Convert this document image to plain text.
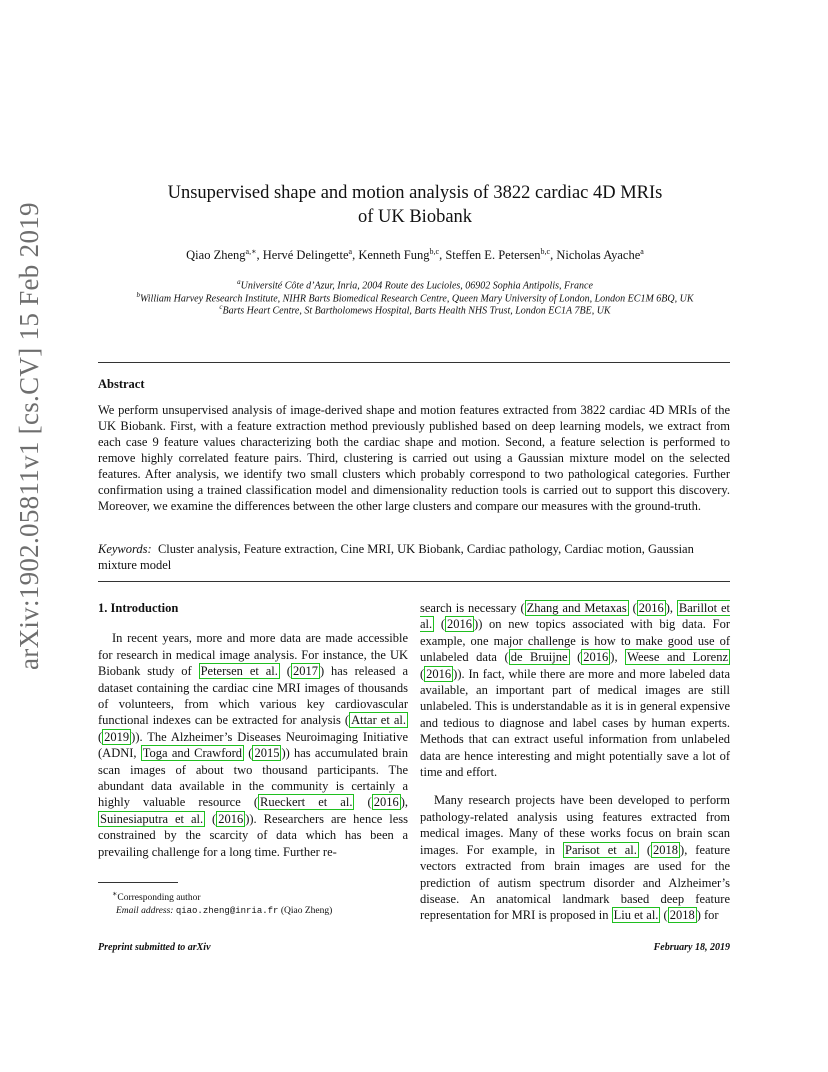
arXiv:1902.05811v1 [cs.CV] 15 Feb 2019
Unsupervised shape and motion analysis of 3822 cardiac 4D MRIs
of UK Biobank
Qiao Zheng$^{a,∗}$, Hervé Delingette$^a$, Kenneth Fung$^{b,c}$, Steffen E. Petersen$^{b,c}$, Nicholas Ayache$^a$
$^a$Université Côte d’Azur, Inria, 2004 Route des Lucioles, 06902 Sophia Antipolis, France
$^b$William Harvey Research Institute, NIHR Barts Biomedical Research Centre, Queen Mary University of London, London EC1M 6BQ, UK
$^c$Barts Heart Centre, St Bartholomews Hospital, Barts Health NHS Trust, London EC1A 7BE, UK
Abstract
We perform unsupervised analysis of image-derived shape and motion features extracted from 3822 cardiac 4D MRIs of the UK Biobank. First, with a feature extraction method previously published based on deep learning models, we extract from each case 9 feature values characterizing both the cardiac shape and motion. Second, a feature selection is performed to remove highly correlated feature pairs. Third, clustering is carried out using a Gaussian mixture model on the selected features. After analysis, we identify two small clusters which probably correspond to two pathological categories. Further confirmation using a trained classification model and dimensionality reduction tools is carried out to support this discovery. Moreover, we examine the differences between the other large clusters and compare our measures with the ground-truth.
Keywords: Cluster analysis, Feature extraction, Cine MRI, UK Biobank, Cardiac pathology, Cardiac motion, Gaussian mixture model

1. Introduction

In recent years, more and more data are made accessible for research in medical image analysis. For instance, the UK Biobank study of Petersen et al. ( 2017 ) has released a dataset containing the cardiac cine MRI images of thousands of volunteers, from which various key cardiovascular functional indexes can be extracted for analysis ( Attar et al. ( 2019 )). The Alzheimer’s Diseases Neuroimaging Initiative (ADNI, Toga and Crawford ( 2015 )) has accumulated brain scan images of about two thousand participants. The abundant data available in the community is certainly a highly valuable resource ( Rueckert et al. ( 2016 ), Suinesiaputra et al. ( 2016 )). Researchers are hence less constrained by the scarcity of data which has been a prevailing challenge for a long time. Further re-

search is necessary ( Zhang and Metaxas ( 2016 ), Barillot et al. ( 2016 )) on new topics associated with big data. For example, one major challenge is how to make good use of unlabeled data ( de Bruijne ( 2016 ), Weese and Lorenz ( 2016 )). In fact, while there are more and more labeled data available, an important part of medical images are still unlabeled. This is understandable as it is in general expensive and tedious to diagnose and label cases by human experts. Methods that can extract useful information from unlabeled data are hence interesting and might potentially save a lot of time and effort.

Many research projects have been developed to perform pathology-related analysis using features extracted from medical images. Many of these works focus on brain scan images. For example, in Parisot et al. ( 2018 ), feature vectors extracted from brain images are used for the prediction of autism spectrum disorder and Alzheimer’s disease. An anatomical landmark based deep feature representation for MRI is proposed in Liu et al. ( 2018 ) for

∗Corresponding author
Email address: qiao.zheng@inria.fr (Qiao Zheng)
Preprint submitted to arXiv	February 18, 2019
